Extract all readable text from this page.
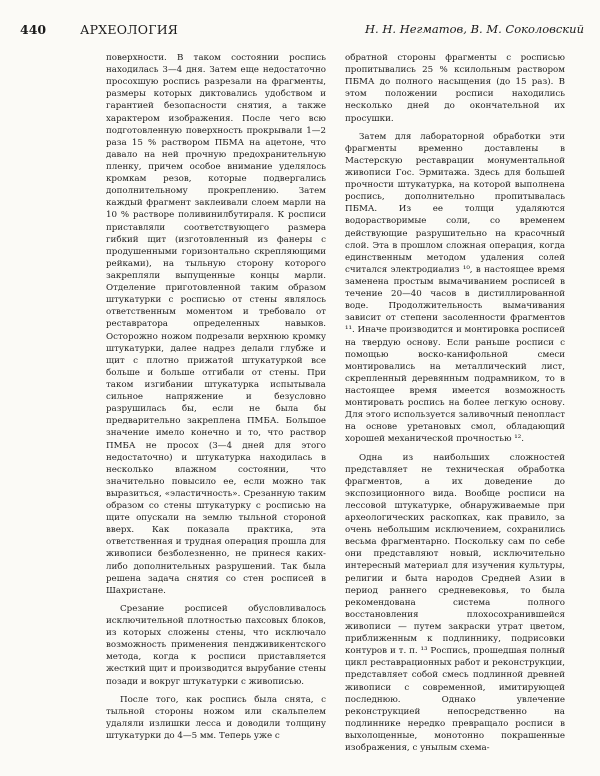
440	АРХЕОЛОГИЯ	Н. Н. Негматов, В. М. Соколовский

поверхности. В таком состоянии роспись находилась 3—4 дня. Затем еще недостаточно просохшую роспись разрезали на фрагменты, размеры которых диктовались удобством и гарантией безопасности снятия, а также характером изображения. После чего всю подготовленную поверхность прокрывали 1—2 раза 15 % раствором ПБМА на ацетоне, что давало на ней прочную предохранительную пленку, причем особое внимание уделялось кромкам резов, которые подвергались дополнительному прокреплению. Затем каждый фрагмент заклеивали слоем марли на 10 % растворе поливинилбутираля. К росписи приставляли соответствующего размера гибкий щит (изготовленный из фанеры с продушенными горизонтально скрепляющими рейками), на тыльную сторону которого закрепляли выпущенные концы марли. Отделение приготовленной таким образом штукатурки с росписью от стены являлось ответственным моментом и требовало от реставратора определенных навыков. Осторожно ножом подрезали верхнюю кромку штукатурки, далее надрез делали глубже и щит с плотно прижатой штукатуркой все больше и больше отгибали от стены. При таком изгибании штукатурка испытывала сильное напряжение и безусловно разрушилась бы, если не была бы предварительно закреплена ПМБА. Большое значение имело конечно и то, что раствор ПМБА не просох (3—4 дней для этого недостаточно) и штукатурка находилась в несколько влажном состоянии, что значительно повысило ее, если можно так выразиться, «эластичность». Срезанную таким образом со стены штукатурку с росписью на щите опускали на землю тыльной стороной вверх. Как показала практика, эта ответственная и трудная операция прошла для живописи безболезненно, не принеся каких-либо дополнительных разрушений. Так была решена задача снятия со стен росписей в Шахристане.

Срезание росписей обусловливалось исключительной плотностью пахсовых блоков, из которых сложены стены, что исключало возможность применения пендживикентского метода, когда к росписи приставляется жесткий щит и производится вырубание стены позади и вокруг штукатурки с живописью.

После того, как роспись была снята, с тыльной стороны ножом или скальпелем удаляли излишки лесса и доводили толщину штукатурки до 4—5 мм. Теперь уже с

обратной стороны фрагменты с росписью пропитывались 25 % ксилольным раствором ПБМА до полного насыщения (до 15 раз). В этом положении росписи находились несколько дней до окончательной их просушки.

Затем для лабораторной обработки эти фрагменты временно доставлены в Мастерскую реставрации монументальной живописи Гос. Эрмитажа. Здесь для большей прочности штукатурка, на которой выполнена роспись, дополнительно пропитывалась ПБМА. Из ее толщи удаляются водорастворимые соли, со временем действующие разрушительно на красочный слой. Эта в прошлом сложная операция, когда единственным методом удаления солей считался электродиализ ¹⁰, в настоящее время заменена простым вымачиванием росписей в течение 20—40 часов в дистиллированной воде. Продолжительность вымачивания зависит от степени засоленности фрагментов ¹¹. Иначе производится и монтировка росписей на твердую основу. Если раньше росписи с помощью воско-канифольной смеси монтировались на металлический лист, скрепленный деревянным подрамником, то в настоящее время имеется возможность монтировать роспись на более легкую основу. Для этого используется заливочный пенопласт на основе уретановых смол, обладающий хорошей механической прочностью ¹².

Одна из наибольших сложностей представляет не техническая обработка фрагментов, а их доведение до экспозиционного вида. Вообще росписи на лессовой штукатурке, обнаруживаемые при археологических раскопках, как правило, за очень небольшим исключением, сохранились весьма фрагментарно. Поскольку сам по себе они представляют новый, исключительно интересный материал для изучения культуры, религии и быта народов Средней Азии в период раннего средневековья, то была рекомендована система полного восстановления плохосохранившейся живописи — путем закраски утрат цветом, приближенным к подлиннику, подрисовки контуров и т. п. ¹³ Роспись, прошедшая полный цикл реставрационных работ и реконструкции, представляет собой смесь подлинной древней живописи с современной, имитирующей последнюю. Однако увлечение реконструкцией непосредственно на подлиннике нередко превращало росписи в выхолощенные, монотонно покрашенные изображения, с унылым схема-
